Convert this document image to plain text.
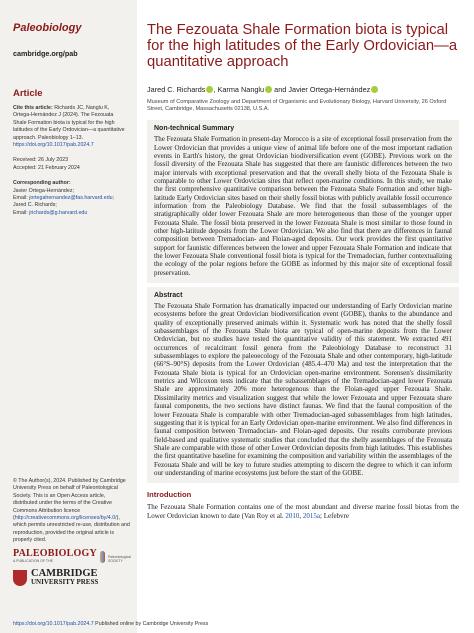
Paleobiology

cambridge.org/pab
Article
Cite this article: Richards JC, Nanglu K, Ortega-Hernández J (2024). The Fezouata Shale Formation biota is typical for the high latitudes of the Early Ordovician—a quantitative approach. Paleobiology 1–13. https://doi.org/10.1017/pab.2024.7
Received: 26 July 2023
Accepted: 21 February 2024
Corresponding author:
Javier Ortega-Hernández;
Email: jortegahernandez@fas.harvard.edu;
Jared C. Richards;
Email: jrichards@g.harvard.edu
© The Author(s), 2024. Published by Cambridge University Press on behalf of Paleontological Society. This is an Open Access article, distributed under the terms of the Creative Commons Attribution licence (http://creativecommons.org/licenses/by/4.0/), which permits unrestricted re-use, distribution and reproduction, provided the original article is properly cited.
PALEOBIOLOGY
A PUBLICATION OF THE
Paleontological
SOCIETY
CAMBRIDGE
UNIVERSITY PRESS
The Fezouata Shale Formation biota is typical for the high latitudes of the Early Ordovician—a quantitative approach
Jared C. Richards , Karma Nanglu and Javier Ortega-Hernández
Museum of Comparative Zoology and Department of Organismic and Evolutionary Biology, Harvard University, 26 Oxford Street, Cambridge, Massachusetts 02138, U.S.A.
Non-technical Summary

The Fezouata Shale Formation in present-day Morocco is a site of exceptional fossil preservation from the Lower Ordovician that provides a unique view of animal life before one of the most important radiation events in Earth's history, the great Ordovician biodiversification event (GOBE). Previous work on the fossil diversity of the Fezouata Shale has suggested that there are faunistic differences between the two major intervals with exceptional preservation and that the overall shelly biota of the Fezouata Shale is comparable to other Lower Ordovician sites that reflect open-marine conditions. In this study, we make the first comprehensive quantitative comparison between the Fezouata Shale Formation and other high-latitude Early Ordovician sites based on their shelly fossil biotas with publicly available fossil occurrence information from the Paleobiology Database. We find that the fossil subassemblages of the stratigraphically older lower Fezouata Shale are more heterogeneous than those of the younger upper Fezouata Shale. The fossil biota preserved in the lower Fezouata Shale is most similar to those found in other high-latitude deposits from the Lower Ordovician. We also find that there are differences in faunal composition between Tremadocian- and Floian-aged deposits. Our work provides the first quantitative support for faunistic differences between the lower and upper Fezouata Shale Formation and indicate that the lower Fezouata Shale conventional fossil biota is typical for the Tremadocian, further contextualizing the ecology of the polar regions before the GOBE as informed by this major site of exceptional fossil preservation.

Abstract

The Fezouata Shale Formation has dramatically impacted our understanding of Early Ordovician marine ecosystems before the great Ordovician biodiversification event (GOBE), thanks to the abundance and quality of exceptionally preserved animals within it. Systematic work has noted that the shelly fossil subassemblages of the Fezouata Shale biota are typical of open-marine deposits from the Lower Ordovician, but no studies have tested the quantitative validity of this statement. We extracted 491 occurrences of recalcitrant fossil genera from the Paleobiology Database to reconstruct 31 subassemblages to explore the paleoecology of the Fezouata Shale and other contemporary, high-latitude (66°S–90°S) deposits from the Lower Ordovician (485.4–470 Ma) and test the interpretation that the Fezouata Shale biota is typical for an Ordovician open-marine environment. Sorensen's dissimilarity metrics and Wilcoxon tests indicate that the subassemblages of the Tremadocian-aged lower Fezouata Shale are approximately 20% more heterogenous than the Floian-aged upper Fezouata Shale. Dissimilarity metrics and visualization suggest that while the lower Fezouata and upper Fezouata share faunal components, the two sections have distinct faunas. We find that the faunal composition of the lower Fezouata Shale is comparable with other Tremadocian-aged subassemblages from high latitudes, suggesting that it is typical for an Early Ordovician open-marine environment. We also find differences in faunal composition between Tremadocian- and Floian-aged deposits. Our results corroborate previous field-based and qualitative systematic studies that concluded that the shelly assemblages of the Fezouata Shale are comparable with those of other Lower Ordovician deposits from high latitudes. This establishes the first quantitative baseline for examining the composition and variability within the assemblages of the Fezouata Shale and will be key to future studies attempting to discern the degree to which it can inform our understanding of marine ecosystems just before the start of the GOBE.

Introduction
The Fezouata Shale Formation contains one of the most abundant and diverse marine fossil biotas from the Lower Ordovician known to date (Van Roy et al. 2010, 2015a; Lefebvre
https://doi.org/10.1017/pab.2024.7 Published online by Cambridge University Press
